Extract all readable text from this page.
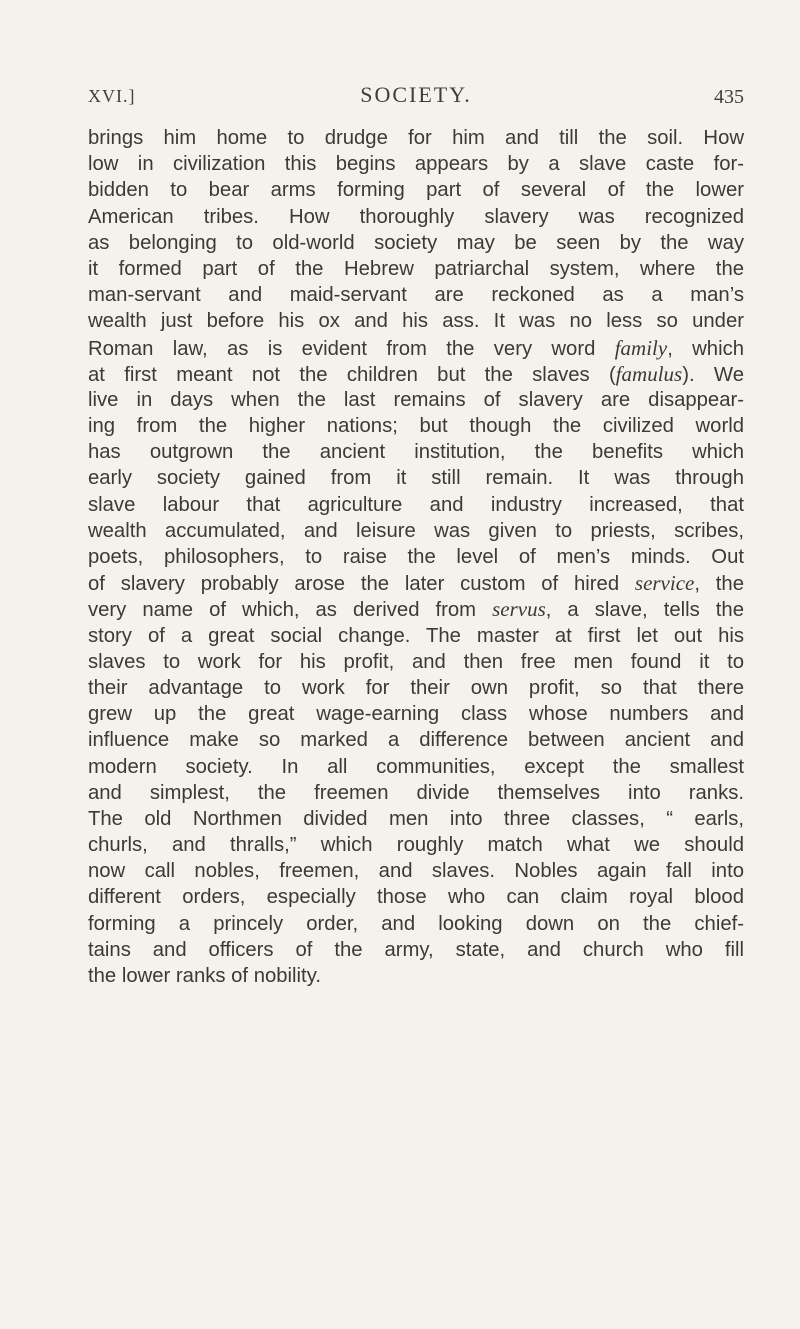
XVI.]	SOCIETY.	435
brings him home to drudge for him and till the soil. How
low in civilization this begins appears by a slave caste for-
bidden to bear arms forming part of several of the lower
American tribes. How thoroughly slavery was recognized
as belonging to old-world society may be seen by the way
it formed part of the Hebrew patriarchal system, where the
man-servant and maid-servant are reckoned as a man’s
wealth just before his ox and his ass. It was no less so under
Roman law, as is evident from the very word family, which
at first meant not the children but the slaves (famulus). We
live in days when the last remains of slavery are disappear-
ing from the higher nations; but though the civilized world
has outgrown the ancient institution, the benefits which
early society gained from it still remain. It was through
slave labour that agriculture and industry increased, that
wealth accumulated, and leisure was given to priests, scribes,
poets, philosophers, to raise the level of men’s minds. Out
of slavery probably arose the later custom of hired service, the
very name of which, as derived from servus, a slave, tells the
story of a great social change. The master at first let out his
slaves to work for his profit, and then free men found it to
their advantage to work for their own profit, so that there
grew up the great wage-earning class whose numbers and
influence make so marked a difference between ancient and
modern society. In all communities, except the smallest
and simplest, the freemen divide themselves into ranks.
The old Northmen divided men into three classes, “ earls,
churls, and thralls,” which roughly match what we should
now call nobles, freemen, and slaves. Nobles again fall into
different orders, especially those who can claim royal blood
forming a princely order, and looking down on the chief-
tains and officers of the army, state, and church who fill
the lower ranks of nobility.
